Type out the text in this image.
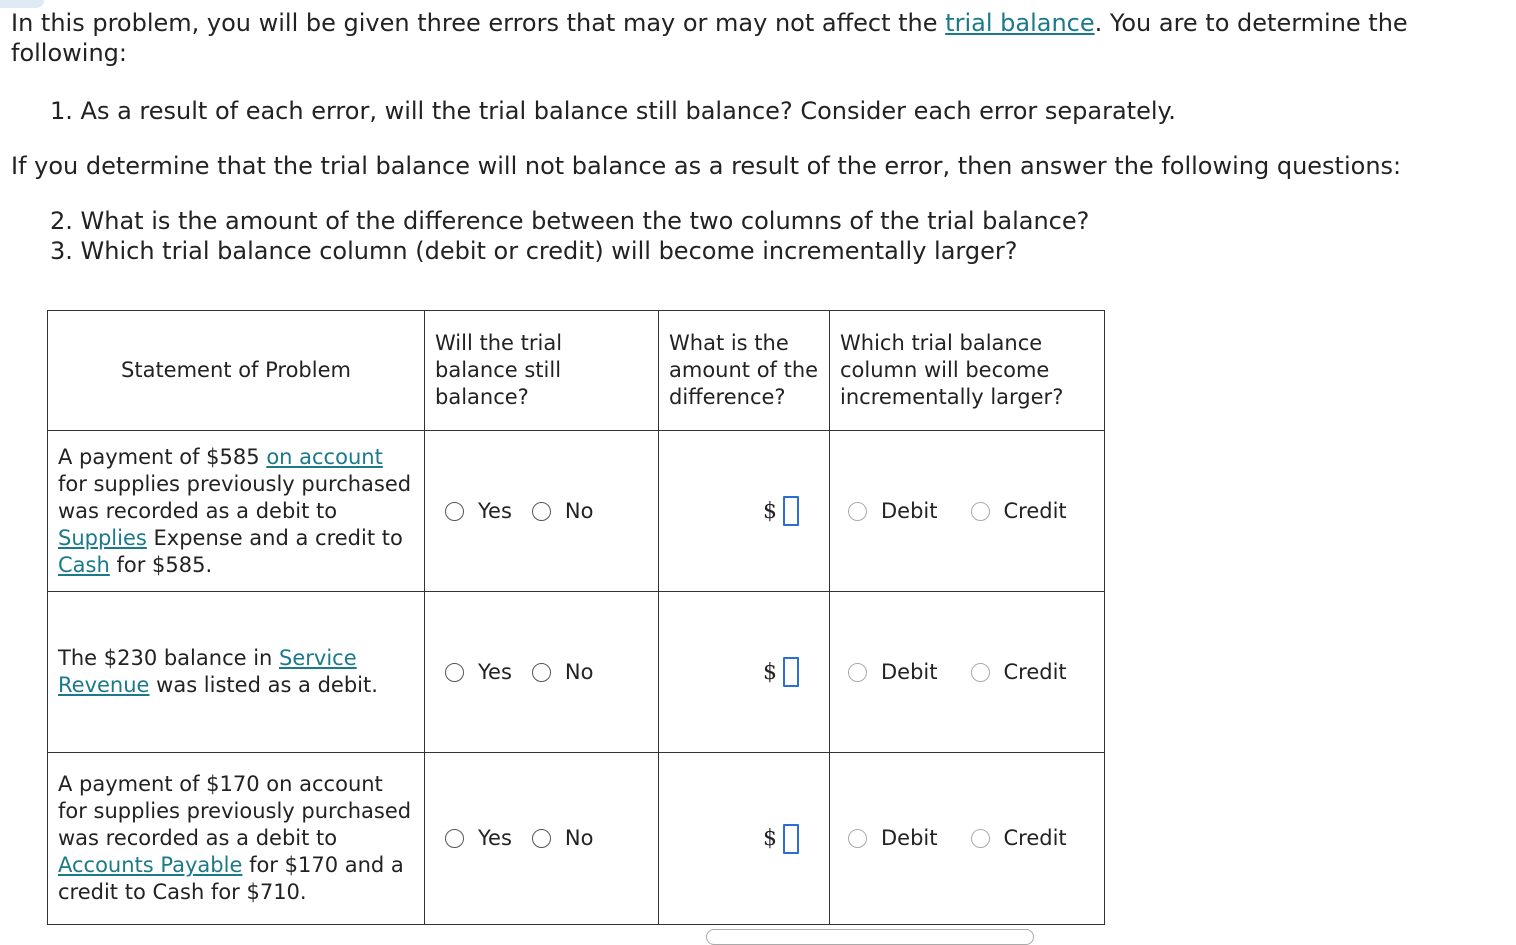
In this problem, you will be given three errors that may or may not affect the trial balance. You are to determine the following:
1. As a result of each error, will the trial balance still balance? Consider each error separately.
If you determine that the trial balance will not balance as a result of the error, then answer the following questions:
2. What is the amount of the difference between the two columns of the trial balance?
3. Which trial balance column (debit or credit) will become incrementally larger?
Statement of Problem	Will the trial balance still balance?	What is the amount of the difference?	Which trial balance column will become incrementally larger?
A payment of $585 on account for supplies previously purchased was recorded as a debit to Supplies Expense and a credit to Cash for $585.	Yes No	$	Debit Credit

The $230 balance in Service Revenue was listed as a debit.	Yes No	$	Debit Credit

A payment of $170 on account for supplies previously purchased was recorded as a debit to Accounts Payable for $170 and a credit to Cash for $710.	Yes No	$	Debit Credit
